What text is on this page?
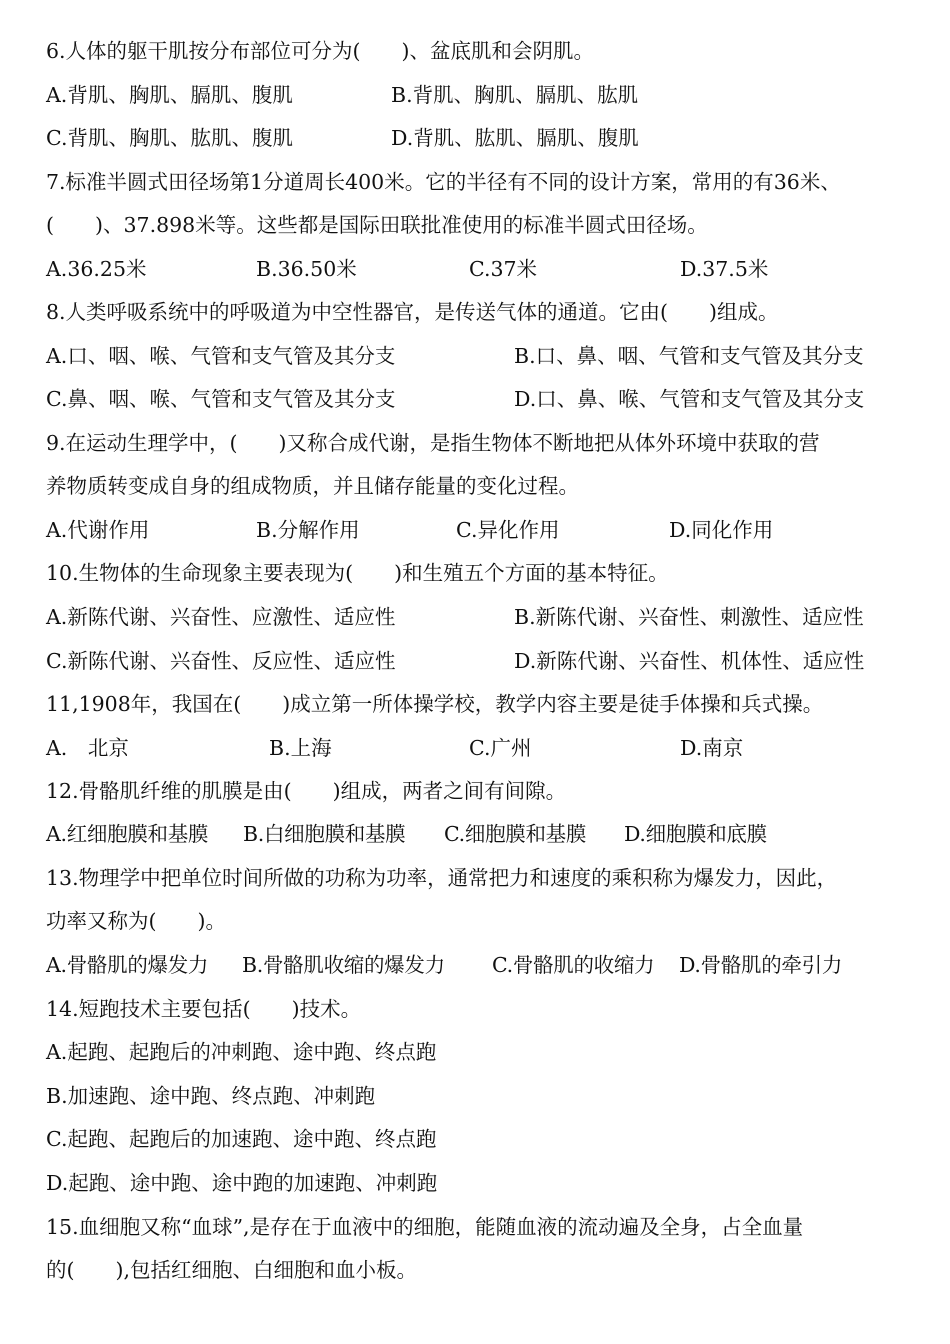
6.人体的躯干肌按分布部位可分为(　　)、盆底肌和会阴肌。
A.背肌、胸肌、膈肌、腹肌	B.背肌、胸肌、膈肌、肱肌
C.背肌、胸肌、肱肌、腹肌	D.背肌、肱肌、膈肌、腹肌
7.标准半圆式田径场第1分道周长400米。它的半径有不同的设计方案，常用的有36米、
(　　)、37.898米等。这些都是国际田联批准使用的标准半圆式田径场。
A.36.25米	B.36.50米	C.37米	D.37.5米
8.人类呼吸系统中的呼吸道为中空性器官，是传送气体的通道。它由(　　)组成。
A.口、咽、喉、气管和支气管及其分支	B.口、鼻、咽、气管和支气管及其分支
C.鼻、咽、喉、气管和支气管及其分支	D.口、鼻、喉、气管和支气管及其分支
9.在运动生理学中，(　　)又称合成代谢，是指生物体不断地把从体外环境中获取的营
养物质转变成自身的组成物质，并且储存能量的变化过程。
A.代谢作用	B.分解作用	C.异化作用	D.同化作用
10.生物体的生命现象主要表现为(　　)和生殖五个方面的基本特征。
A.新陈代谢、兴奋性、应激性、适应性	B.新陈代谢、兴奋性、刺激性、适应性
C.新陈代谢、兴奋性、反应性、适应性	D.新陈代谢、兴奋性、机体性、适应性
11,1908年，我国在(　　)成立第一所体操学校，教学内容主要是徒手体操和兵式操。
A.　北京	B.上海	C.广州	D.南京
12.骨骼肌纤维的肌膜是由(　　)组成，两者之间有间隙。
A.红细胞膜和基膜 B.白细胞膜和基膜 C.细胞膜和基膜 D.细胞膜和底膜
13.物理学中把单位时间所做的功称为功率，通常把力和速度的乘积称为爆发力，因此，
功率又称为(　　)。
A.骨骼肌的爆发力 B.骨骼肌收缩的爆发力 C.骨骼肌的收缩力 D.骨骼肌的牵引力
14.短跑技术主要包括(　　)技术。
A.起跑、起跑后的冲刺跑、途中跑、终点跑
B.加速跑、途中跑、终点跑、冲刺跑
C.起跑、起跑后的加速跑、途中跑、终点跑
D.起跑、途中跑、途中跑的加速跑、冲刺跑
15.血细胞又称“血球”,是存在于血液中的细胞，能随血液的流动遍及全身，占全血量
的(　　),包括红细胞、白细胞和血小板。
